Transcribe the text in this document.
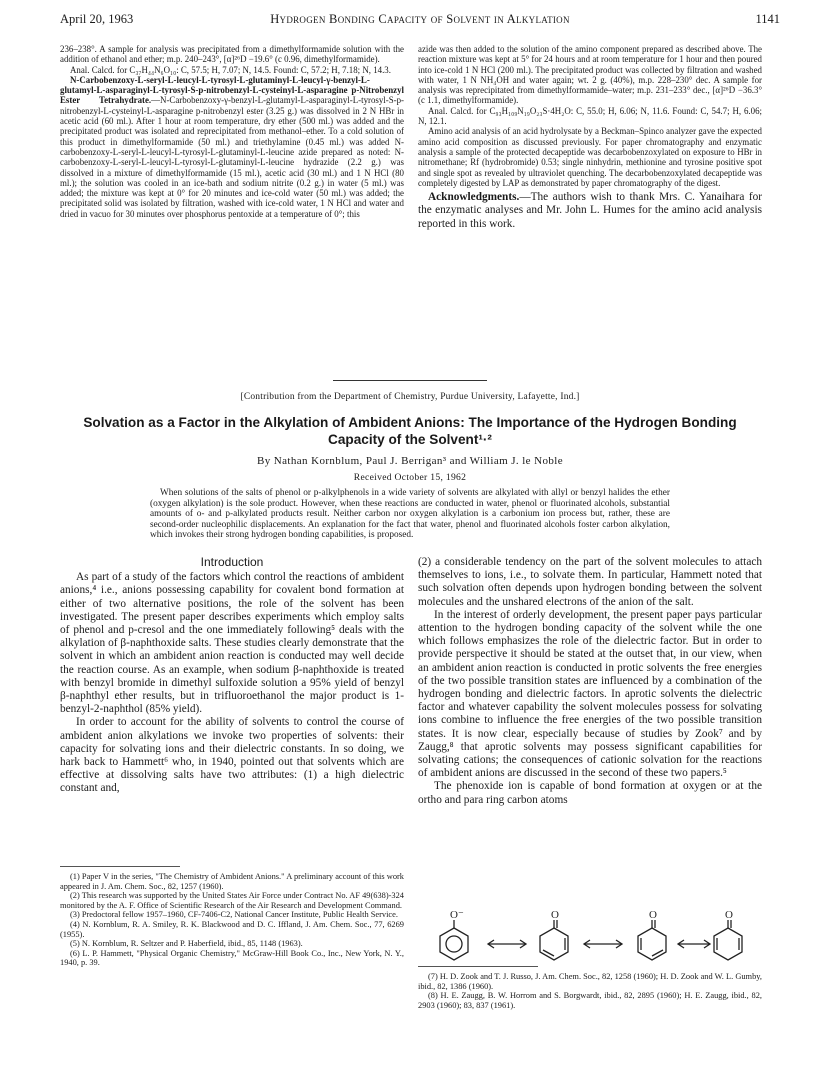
April 20, 1963	Hydrogen Bonding Capacity of Solvent in Alkylation	1141

236–238°. A sample for analysis was precipitated from a dimethylformamide solution with the addition of ethanol and ether; m.p. 240–243°, [α]²⁶D −19.6° (c 0.96, dimethylformamide).

Anal. Calcd. for C₃₇H₄₄N₆O₁₀: C, 57.5; H, 7.07; N, 14.5. Found: C, 57.2; H, 7.18; N, 14.3.

N-Carbobenzoxy-L-seryl-L-leucyl-L-tyrosyl-L-glutaminyl-L-leucyl-γ-benzyl-L-glutamyl-L-asparaginyl-L-tyrosyl-S-p-nitrobenzyl-L-cysteinyl-L-asparagine p-Nitrobenzyl Ester Tetrahydrate.—N-Carbobenzoxy-γ-benzyl-L-glutamyl-L-asparaginyl-L-tyrosyl-S-p-nitrobenzyl-L-cysteinyl-L-asparagine p-nitrobenzyl ester (3.25 g.) was dissolved in 2 N HBr in acetic acid (60 ml.). After 1 hour at room temperature, dry ether (500 ml.) was added and the precipitated product was isolated and reprecipitated from methanol–ether. To a cold solution of this product in dimethylformamide (50 ml.) and triethylamine (0.45 ml.) was added N-carbobenzoxy-L-seryl-L-leucyl-L-tyrosyl-L-glutaminyl-L-leucine azide prepared as noted: N-carbobenzoxy-L-seryl-L-leucyl-L-tyrosyl-L-glutaminyl-L-leucine hydrazide (2.2 g.) was dissolved in a mixture of dimethylformamide (15 ml.), acetic acid (30 ml.) and 1 N HCl (80 ml.); the solution was cooled in an ice-bath and sodium nitrite (0.2 g.) in water (5 ml.) was added; the mixture was kept at 0° for 20 minutes and ice-cold water (50 ml.) was added; the precipitated solid was isolated by filtration, washed with ice-cold water, 1 N HCl and water and dried in vacuo for 30 minutes over phosphorus pentoxide at a temperature of 0°; this

azide was then added to the solution of the amino component prepared as described above. The reaction mixture was kept at 5° for 24 hours and at room temperature for 1 hour and then poured into ice-cold 1 N HCl (200 ml.). The precipitated product was collected by filtration and washed with water, 1 N NH₄OH and water again; wt. 2 g. (40%), m.p. 228–230° dec. A sample for analysis was reprecipitated from dimethylformamide–water; m.p. 231–233° dec., [α]²⁶D −36.3° (c 1.1, dimethylformamide).

Anal. Calcd. for C₉₃H₁₀₉N₁₉O₂₃S·4H₂O: C, 55.0; H, 6.06; N, 11.6. Found: C, 54.7; H, 6.06; N, 12.1.

Amino acid analysis of an acid hydrolysate by a Beckman–Spinco analyzer gave the expected amino acid composition as discussed previously. For paper chromatography and enzymatic analysis a sample of the protected decapeptide was decarbobenzoxylated on exposure to HBr in nitromethane; Rf (hydrobromide) 0.53; single ninhydrin, methionine and tyrosine positive spot and single spot as revealed by ultraviolet quenching. The decarbobenzoxylated decapeptide was completely digested by LAP as demonstrated by paper chromatography of the digest.

Acknowledgments.—The authors wish to thank Mrs. C. Yanaihara for the enzymatic analyses and Mr. John L. Humes for the amino acid analysis reported in this work.

[Contribution from the Department of Chemistry, Purdue University, Lafayette, Ind.]
Solvation as a Factor in the Alkylation of Ambident Anions: The Importance of the Hydrogen Bonding Capacity of the Solvent¹·²
By Nathan Kornblum, Paul J. Berrigan³ and William J. le Noble
Received October 15, 1962
When solutions of the salts of phenol or p-alkylphenols in a wide variety of solvents are alkylated with allyl or benzyl halides the ether (oxygen alkylation) is the sole product. However, when these reactions are conducted in water, phenol or fluorinated alcohols, substantial amounts of o- and p-alkylated products result. Neither carbon nor oxygen alkylation is a carbonium ion process but, rather, these are second-order nucleophilic displacements. An explanation for the fact that water, phenol and fluorinated alcohols foster carbon alkylation, which invokes their strong hydrogen bonding capabilities, is proposed.
Introduction

As part of a study of the factors which control the reactions of ambident anions,⁴ i.e., anions possessing capability for covalent bond formation at either of two alternative positions, the role of the solvent has been investigated. The present paper describes experiments which employ salts of phenol and p-cresol and the one immediately following⁵ deals with the alkylation of β-naphthoxide salts. These studies clearly demonstrate that the solvent in which an ambident anion reaction is conducted may well decide the reaction course. As an example, when sodium β-naphthoxide is treated with benzyl bromide in dimethyl sulfoxide solution a 95% yield of benzyl β-naphthyl ether results, but in trifluoroethanol the major product is 1-benzyl-2-naphthol (85% yield).

In order to account for the ability of solvents to control the course of ambident anion alkylations we invoke two properties of solvents: their capacity for solvating ions and their dielectric constants. In so doing, we hark back to Hammett⁶ who, in 1940, pointed out that solvents which are effective at dissolving salts have two attributes: (1) a high dielectric constant and,

(2) a considerable tendency on the part of the solvent molecules to attach themselves to ions, i.e., to solvate them. In particular, Hammett noted that such solvation often depends upon hydrogen bonding between the solvent molecules and the unshared electrons of the anion of the salt.

In the interest of orderly development, the present paper pays particular attention to the hydrogen bonding capacity of the solvent while the one which follows emphasizes the role of the dielectric factor. But in order to provide perspective it should be stated at the outset that, in our view, when an ambident anion reaction is conducted in protic solvents the free energies of the two possible transition states are influenced by a combination of the hydrogen bonding and dielectric factors. In aprotic solvents the dielectric factor and whatever capability the solvent molecules possess for solvating ions combine to influence the free energies of the two possible transition states. It is now clear, especially because of studies by Zook⁷ and by Zaugg,⁸ that aprotic solvents may possess significant capabilities for solvating cations; the consequences of cationic solvation for the reactions of ambident anions are discussed in the second of these two papers.⁵

The phenoxide ion is capable of bond formation at oxygen or at the ortho and para ring carbon atoms

O⁻	O	O	O

(1) Paper V in the series, "The Chemistry of Ambident Anions." A preliminary account of this work appeared in J. Am. Chem. Soc., 82, 1257 (1960).

(2) This research was supported by the United States Air Force under Contract No. AF 49(638)-324 monitored by the A. F. Office of Scientific Research of the Air Research and Development Command.

(3) Predoctoral fellow 1957–1960, CF-7406-C2, National Cancer Institute, Public Health Service.

(4) N. Kornblum, R. A. Smiley, R. K. Blackwood and D. C. Iffland, J. Am. Chem. Soc., 77, 6269 (1955).

(5) N. Kornblum, R. Seltzer and P. Haberfield, ibid., 85, 1148 (1963).

(6) L. P. Hammett, "Physical Organic Chemistry," McGraw-Hill Book Co., Inc., New York, N. Y., 1940, p. 39.

(7) H. D. Zook and T. J. Russo, J. Am. Chem. Soc., 82, 1258 (1960); H. D. Zook and W. L. Gumby, ibid., 82, 1386 (1960).

(8) H. E. Zaugg, B. W. Horrom and S. Borgwardt, ibid., 82, 2895 (1960); H. E. Zaugg, ibid., 82, 2903 (1960); 83, 837 (1961).
